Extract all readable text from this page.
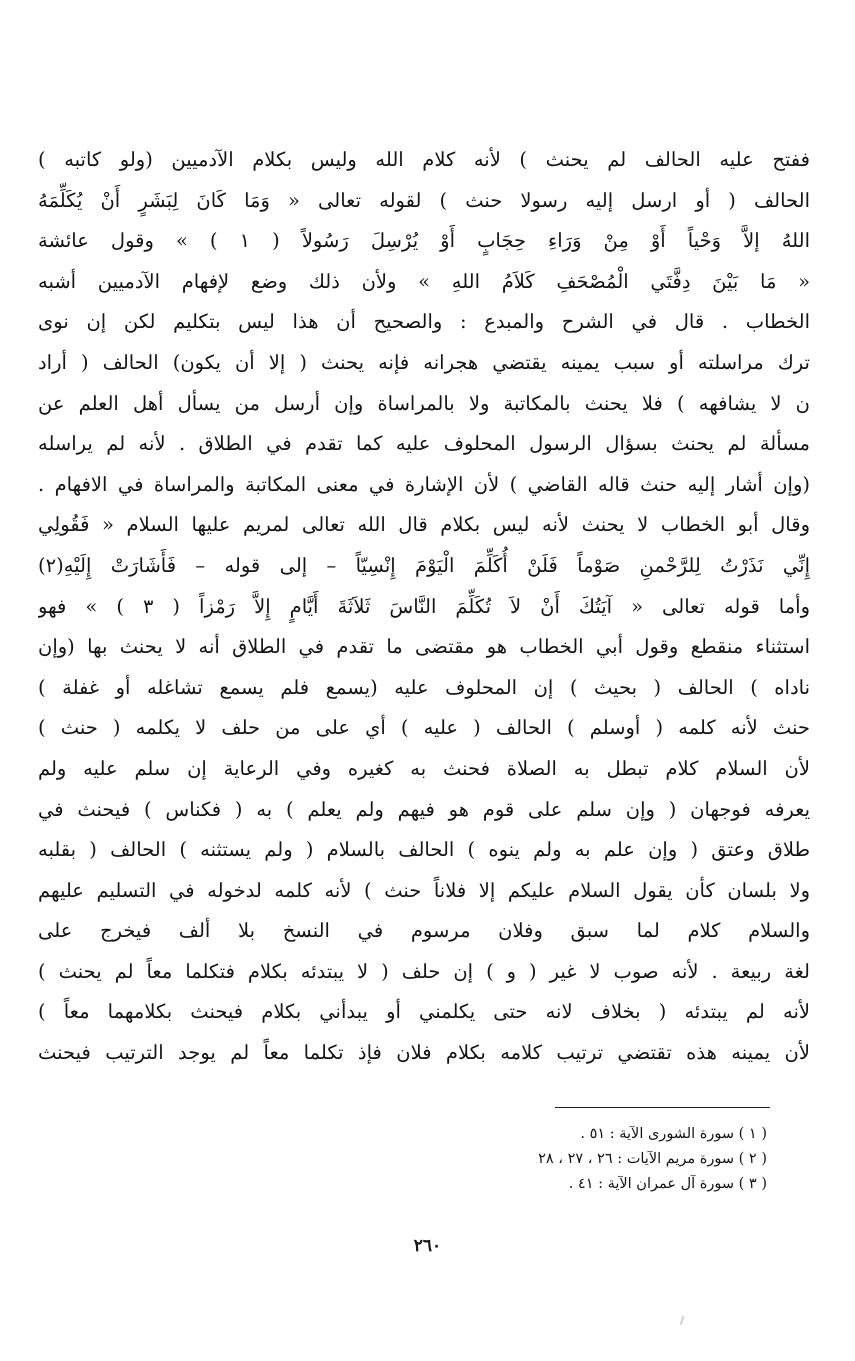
ففتح عليه الحالف لم يحنث ) لأنه كلام الله وليس بكلام الآدميين (ولو كاتبه )
الحالف ( أو ارسل إليه رسولا حنث ) لقوله تعالى « وَمَا كَانَ لِبَشَرٍ أَنْ يُكَلِّمَهُ
اللهُ إلاَّ وَحْياً أَوْ مِنْ وَرَاءِ حِجَابٍ أَوْ يُرْسِلَ رَسُولاً ( ١ ) » وقول عائشة
« مَا بَيْنَ دِفَّتَي الْمُصْحَفِ كَلاَمُ اللهِ » ولأن ذلك وضع لإفهام الآدميين أشبه
الخطاب . قال في الشرح والمبدع : والصحيح أن هذا ليس بتكليم لكن إن نوى
ترك مراسلته أو سبب يمينه يقتضي هجرانه فإنه يحنث ( إلا أن يكون) الحالف ( أراد
ن لا يشافهه ) فلا يحنث بالمكاتبة ولا بالمراساة وإن أرسل من يسأل أهل العلم عن
مسألة لم يحنث بسؤال الرسول المحلوف عليه كما تقدم في الطلاق . لأنه لم يراسله
(وإن أشار إليه حنث قاله القاضي ) لأن الإشارة في معنى المكاتبة والمراساة في الافهام .
وقال أبو الخطاب لا يحنث لأنه ليس بكلام قال الله تعالى لمريم عليها السلام « فَقُولِي
إِنِّي نَذَرْتُ لِلرَّحْمنِ صَوْماً فَلَنْ أُكَلِّمَ الْيَوْمَ إِنْسِيّاً – إلى قوله – فَأَشَارَتْ إِلَيْهِ(٢)
وأما قوله تعالى « آيَتُكَ أَنْ لاَ تُكَلِّمَ النَّاسَ ثَلاَثَةَ أَيَّامٍ إِلاَّ رَمْزاً ( ٣ ) » فهو
استثناء منقطع وقول أبي الخطاب هو مقتضى ما تقدم في الطلاق أنه لا يحنث بها (وإن
ناداه ) الحالف ( بحيث ) إن المحلوف عليه (يسمع فلم يسمع تشاغله أو غفلة )
حنث لأنه كلمه ( أوسلم ) الحالف ( عليه ) أي على من حلف لا يكلمه ( حنث )
لأن السلام كلام تبطل به الصلاة فحنث به كغيره وفي الرعاية إن سلم عليه ولم
يعرفه فوجهان ( وإن سلم على قوم هو فيهم ولم يعلم ) به ( فكناس ) فيحنث في
طلاق وعتق ( وإن علم به ولم ينوه ) الحالف بالسلام ( ولم يستثنه ) الحالف ( بقلبه
ولا بلسان كأن يقول السلام عليكم إلا فلاناً حنث ) لأنه كلمه لدخوله في التسليم عليهم
والسلام كلام لما سبق وفلان مرسوم في النسخ بلا ألف فيخرج على
لغة ربيعة . لأنه صوب لا غير ( و ) إن حلف ( لا يبتدئه بكلام فتكلما معاً لم يحنث )
لأنه لم يبتدئه ( بخلاف لانه حتى يكلمني أو يبدأني بكلام فيحنث بكلامهما معاً )
لأن يمينه هذه تقتضي ترتيب كلامه بكلام فلان فإذ تكلما معاً لم يوجد الترتيب فيحنث
( ١ ) سورة الشورى الآية : ٥١ .
( ٢ ) سورة مريم الآيات : ٢٦ ، ٢٧ ، ٢٨
( ٣ ) سورة آل عمران الآية : ٤١ .
٢٦٠
